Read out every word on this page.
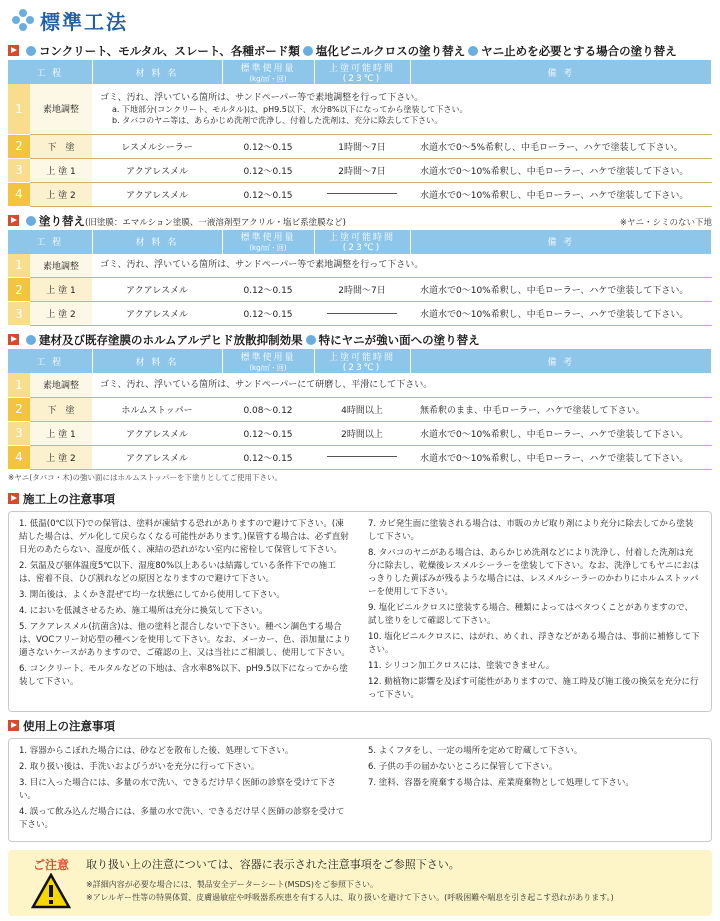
標準工法
コンクリート、モルタル、スレート、各種ボード類 塩化ビニルクロスの塗り替え ヤニ止めを必要とする場合の塗り替え
工 程		材 料 名	標準使用量
(kg/㎡・回)	上塗可能時間(23℃)	備 考
1	素地調整	ゴミ、汚れ、浮いている箇所は、サンドペーパー等で素地調整を行って下さい。
a. 下地部分(コンクリート、モルタル)は、pH9.5以下、水分8%以下になってから塗装して下さい。
b. タバコのヤニ等は、あらかじめ洗剤で洗浄し、付着した洗剤は、充分に除去して下さい。			

2	下　塗	レスメルシーラー	0.12〜0.15	1時間〜7日	水道水で0〜5%希釈し、中毛ローラー、ハケで塗装して下さい。
3	上 塗 1	アクアレスメル	0.12〜0.15	2時間〜7日	水道水で0〜10%希釈し、中毛ローラー、ハケで塗装して下さい。
4	上 塗 2	アクアレスメル	0.12〜0.15		水道水で0〜10%希釈し、中毛ローラー、ハケで塗装して下さい。
塗り替え (旧塗膜：エマルション塗膜、一液溶剤型アクリル・塩ビ系塗膜など)	※ヤニ・シミのない下地
工 程		材 料 名	標準使用量
(kg/㎡・回)	上塗可能時間(23℃)	備 考
1	素地調整	ゴミ、汚れ、浮いている箇所は、サンドペーパー等で素地調整を行って下さい。			
2	上 塗 1	アクアレスメル	0.12〜0.15	2時間〜7日	水道水で0〜10%希釈し、中毛ローラー、ハケで塗装して下さい。
3	上 塗 2	アクアレスメル	0.12〜0.15		水道水で0〜10%希釈し、中毛ローラー、ハケで塗装して下さい。
建材及び既存塗膜のホルムアルデヒド放散抑制効果 特にヤニが強い面への塗り替え
工 程		材 料 名	標準使用量
(kg/㎡・回)	上塗可能時間(23℃)	備 考
1	素地調整	ゴミ、汚れ、浮いている箇所は、サンドペーパーにて研磨し、平滑にして下さい。			
2	下　塗	ホルムストッパー	0.08〜0.12	4時間以上	無希釈のまま、中毛ローラー、ハケで塗装して下さい。
3	上 塗 1	アクアレスメル	0.12〜0.15	2時間以上	水道水で0〜10%希釈し、中毛ローラー、ハケで塗装して下さい。
4	上 塗 2	アクアレスメル	0.12〜0.15		水道水で0〜10%希釈し、中毛ローラー、ハケで塗装して下さい。
※ヤニ(タバコ・木)の強い面にはホルムストッパーを下塗りとしてご使用下さい。
施工上の注意事項
1. 低温(0℃以下)での保管は、塗料が凍結する恐れがありますので避けて下さい。(凍結した場合は、ゲル化して戻らなくなる可能性があります。)保管する場合は、必ず直射日光のあたらない、湿度が低く、凍結の恐れがない室内に密栓して保管して下さい。
2. 気温及び躯体温度5℃以下、湿度80%以上あるいは結露している条件下での施工は、密着不良、ひび割れなどの原因となりますので避けて下さい。
3. 開缶後は、よくかき混ぜて均一な状態にしてから使用して下さい。
4. においを低減させるため、施工場所は充分に換気して下さい。
5. アクアレスメル(抗菌含)は、他の塗料と混合しないで下さい。種ペン調色する場合は、VOCフリー対応型の種ペンを使用して下さい。なお、メーカー、色、添加量により適さないケースがありますので、ご確認の上、又は当社にご相談し、使用して下さい。
6. コンクリート、モルタルなどの下地は、含水率8%以下、pH9.5以下になってから塗装して下さい。
7. カビ発生面に塗装される場合は、市販のカビ取り剤により充分に除去してから塗装して下さい。
8. タバコのヤニがある場合は、あらかじめ洗剤などにより洗浄し、付着した洗剤は充分に除去し、乾燥後レスメルシーラーを塗装して下さい。なお、洗浄してもヤニにおはっきりした黄ばみが残るような場合には、レスメルシーラーのかわりにホルムストッパーを使用して下さい。
9. 塩化ビニルクロスに塗装する場合、種類によってはベタつくことがありますので、試し塗りをして確認して下さい。
10. 塩化ビニルクロスに、はがれ、めくれ、浮きなどがある場合は、事前に補修して下さい。
11. シリコン加工クロスには、塗装できません。
12. 動植物に影響を及ぼす可能性がありますので、施工時及び施工後の換気を充分に行って下さい。
使用上の注意事項
1. 容器からこぼれた場合には、砂などを散布した後、処理して下さい。
2. 取り扱い後は、手洗いおよびうがいを充分に行って下さい。
3. 目に入った場合には、多量の水で洗い、できるだけ早く医師の診察を受けて下さい。
4. 誤って飲み込んだ場合には、多量の水で洗い、できるだけ早く医師の診察を受けて下さい。
5. よくフタをし、一定の場所を定めて貯蔵して下さい。
6. 子供の手の届かないところに保管して下さい。
7. 塗料、容器を廃棄する場合は、産業廃棄物として処理して下さい。
ご注意 取り扱い上の注意については、容器に表示された注意事項をご参照下さい。
※詳細内容が必要な場合には、製品安全データーシート(MSDS)をご参照下さい。
※アレルギー性等の特異体質、皮膚過敏症や呼吸器系疾患を有する人は、取り扱いを避けて下さい。(呼吸困難や喘息を引き起こす恐れがあります。)
